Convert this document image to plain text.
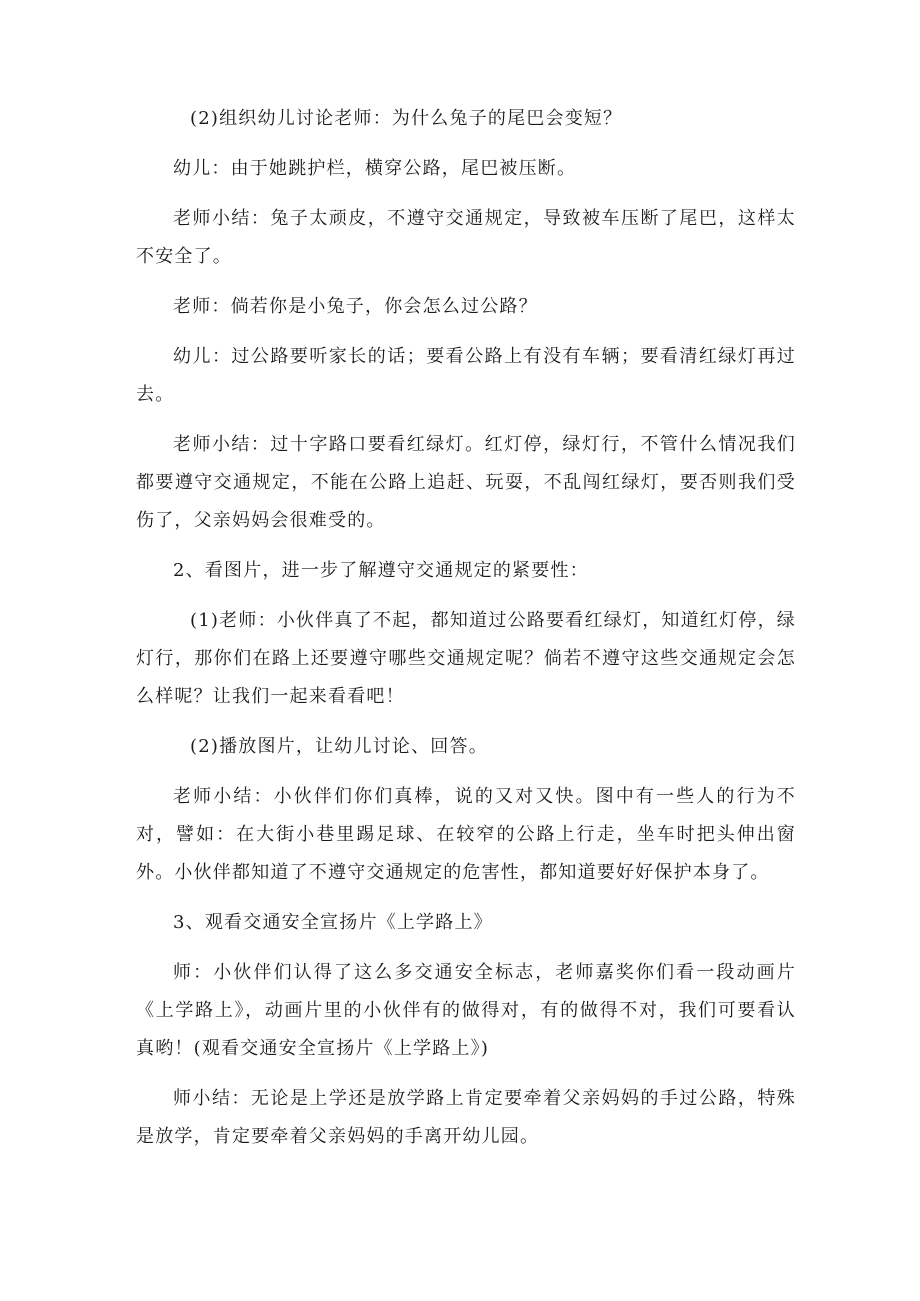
(2)组织幼儿讨论老师：为什么兔子的尾巴会变短？

幼儿：由于她跳护栏，横穿公路，尾巴被压断。

老师小结：兔子太顽皮，不遵守交通规定，导致被车压断了尾巴，这样太不安全了。

老师：倘若你是小兔子，你会怎么过公路？

幼儿：过公路要听家长的话；要看公路上有没有车辆；要看清红绿灯再过去。

老师小结：过十字路口要看红绿灯。红灯停，绿灯行，不管什么情况我们都要遵守交通规定，不能在公路上追赶、玩耍，不乱闯红绿灯，要否则我们受伤了，父亲妈妈会很难受的。

2、看图片，进一步了解遵守交通规定的紧要性：

(1)老师：小伙伴真了不起，都知道过公路要看红绿灯，知道红灯停，绿灯行，那你们在路上还要遵守哪些交通规定呢？倘若不遵守这些交通规定会怎么样呢？让我们一起来看看吧！

(2)播放图片，让幼儿讨论、回答。

老师小结：小伙伴们你们真棒，说的又对又快。图中有一些人的行为不对，譬如：在大街小巷里踢足球、在较窄的公路上行走，坐车时把头伸出窗外。小伙伴都知道了不遵守交通规定的危害性，都知道要好好保护本身了。

3、观看交通安全宣扬片《上学路上》

师：小伙伴们认得了这么多交通安全标志，老师嘉奖你们看一段动画片《上学路上》，动画片里的小伙伴有的做得对，有的做得不对，我们可要看认真哟！(观看交通安全宣扬片《上学路上》)

师小结：无论是上学还是放学路上肯定要牵着父亲妈妈的手过公路，特殊是放学，肯定要牵着父亲妈妈的手离开幼儿园。
